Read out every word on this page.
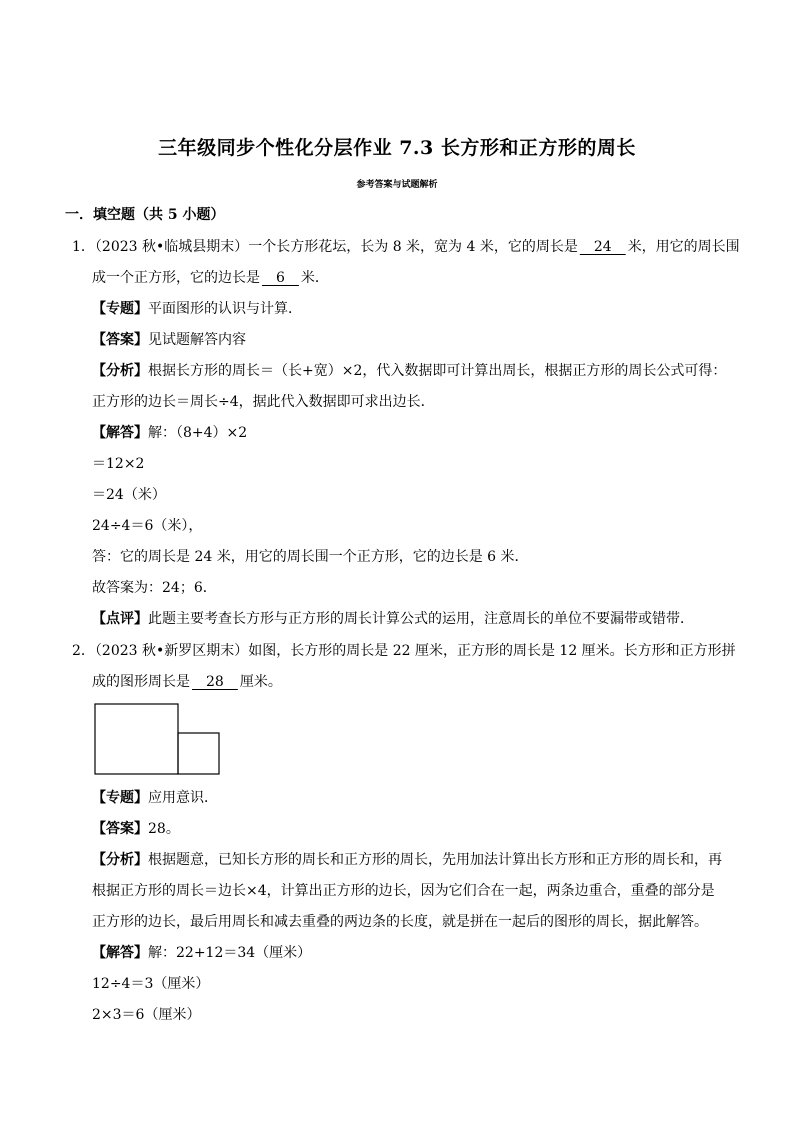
三年级同步个性化分层作业 7.3 长方形和正方形的周长
参考答案与试题解析
一．填空题（共 5 小题）
1．（2023 秋•临城县期末）一个长方形花坛，长为 8 米，宽为 4 米，它的周长是　24　米，用它的周长围
成一个正方形，它的边长是　6　米．
【专题】平面图形的认识与计算．
【答案】见试题解答内容
【分析】根据长方形的周长＝（长+宽）×2，代入数据即可计算出周长，根据正方形的周长公式可得：
正方形的边长＝周长÷4，据此代入数据即可求出边长．
【解答】解：（8+4）×2
＝12×2
＝24（米）
24÷4＝6（米），
答：它的周长是 24 米，用它的周长围一个正方形，它的边长是 6 米．
故答案为：24；6．
【点评】此题主要考查长方形与正方形的周长计算公式的运用，注意周长的单位不要漏带或错带．
2．（2023 秋•新罗区期末）如图，长方形的周长是 22 厘米，正方形的周长是 12 厘米。长方形和正方形拼
成的图形周长是　28　厘米。
【专题】应用意识．
【答案】28。
【分析】根据题意，已知长方形的周长和正方形的周长，先用加法计算出长方形和正方形的周长和，再
根据正方形的周长＝边长×4，计算出正方形的边长，因为它们合在一起，两条边重合，重叠的部分是
正方形的边长，最后用周长和减去重叠的两边条的长度，就是拼在一起后的图形的周长，据此解答。
【解答】解：22+12＝34（厘米）
12÷4＝3（厘米）
2×3＝6（厘米）
